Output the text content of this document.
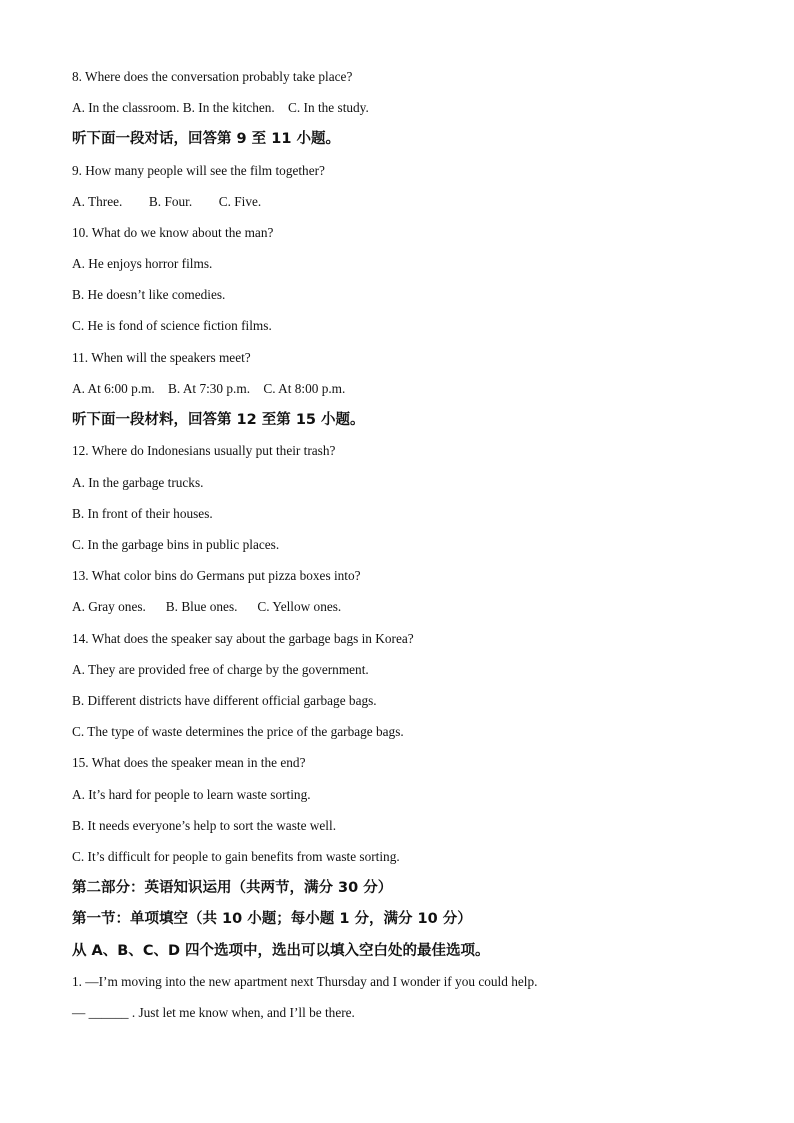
8. Where does the conversation probably take place?
A. In the classroom. B. In the kitchen.    C. In the study.
听下面一段对话，回答第 9 至 11 小题。
9. How many people will see the film together?
A. Three.        B. Four.        C. Five.
10. What do we know about the man?
A. He enjoys horror films.
B. He doesn’t like comedies.
C. He is fond of science fiction films.
11. When will the speakers meet?
A. At 6:00 p.m.    B. At 7:30 p.m.    C. At 8:00 p.m.
听下面一段材料，回答第 12 至第 15 小题。
12. Where do Indonesians usually put their trash?
A. In the garbage trucks.
B. In front of their houses.
C. In the garbage bins in public places.
13. What color bins do Germans put pizza boxes into?
A. Gray ones.      B. Blue ones.      C. Yellow ones.
14. What does the speaker say about the garbage bags in Korea?
A. They are provided free of charge by the government.
B. Different districts have different official garbage bags.
C. The type of waste determines the price of the garbage bags.
15. What does the speaker mean in the end?
A. It’s hard for people to learn waste sorting.
B. It needs everyone’s help to sort the waste well.
C. It’s difficult for people to gain benefits from waste sorting.
第二部分：英语知识运用（共两节，满分 30 分）
第一节：单项填空（共 10 小题；每小题 1 分，满分 10 分）
从 A、B、C、D 四个选项中，选出可以填入空白处的最佳选项。
1. —I’m moving into the new apartment next Thursday and I wonder if you could help.
— ______ . Just let me know when, and I’ll be there.
